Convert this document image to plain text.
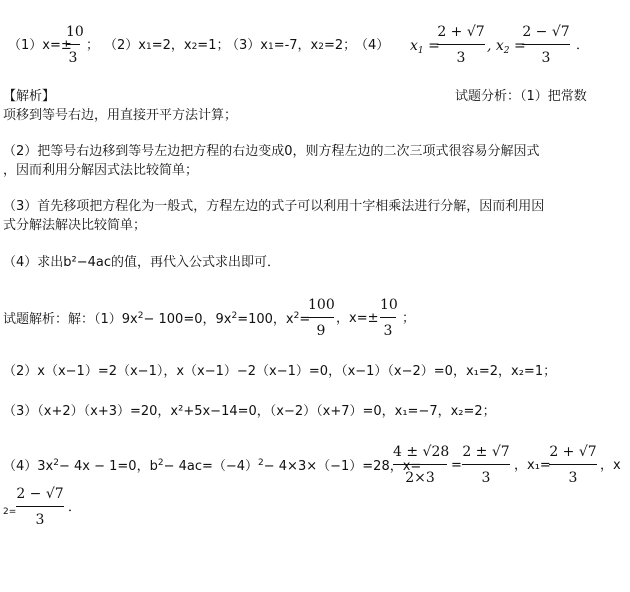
（1）x=±
10
3
； （2）x1=2，x2=1；
（3）x1=-7，x2=2；
（4） $x_1$ =
2 + √7
3
, $x_2$ =
2 − √7
3
．
【解析】	试题分析：（1）把常数
项移到等号右边，用直接开平方法计算；
（2）把等号右边移到等号左边把方程的右边变成0，则方程左边的二次三项式很容易分解因式
，因而利用分解因式法比较简单；
（3）首先移项把方程化为一般式，方程左边的式子可以利用十字相乘法进行分解，因而利用因
式分解法解决比较简单；
（4）求出b²−4ac的值，再代入公式求出即可．
试题解析：解：$(1)9x^2- 100=0$，$9x^2=100$，$x^2=$
100
9
，x=±
10
3
；
（2）x（x−1）=2（x−1），x（x−1）−2（x−1）=0，（x−1）（x−2）=0，x₁=2，x₂=1；
（3）（x+2）（x+3）=20，x²+5x−14=0，（x−2）（x+7）=0，x₁=−7，x₂=2；
$(4)3x^2- 4x - 1=0$，$b^2- 4ac=(-4)^2- 4\times 3\times(-1)=28$，x=
4 ± √28
2×3
=
2 ± √7
3
，x₁=
2 + √7
3
，x
2=
2 − √7
3
．
